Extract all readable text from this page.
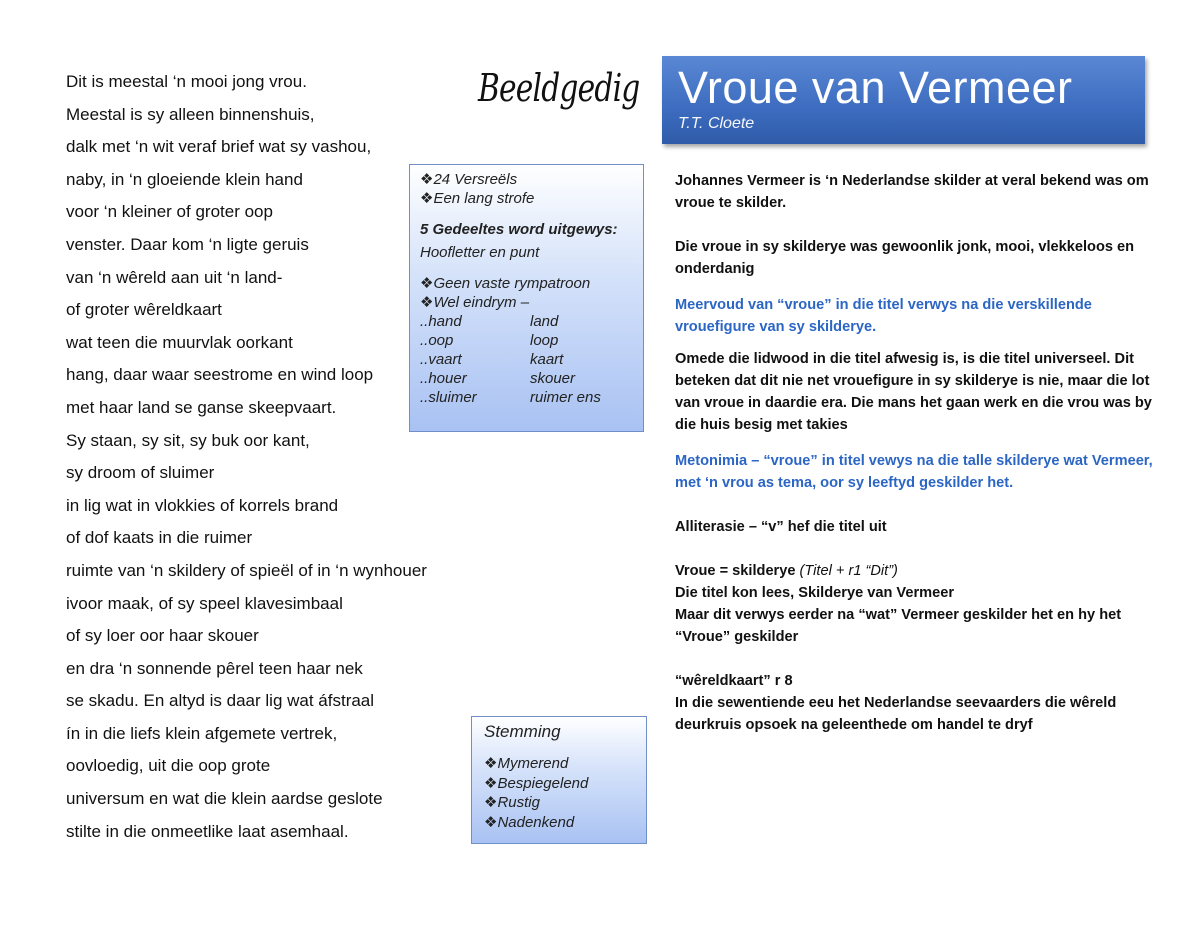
Dit is meestal ‘n mooi jong vrou.
Meestal is sy alleen binnenshuis,
dalk met ‘n wit veraf brief wat sy vashou,
naby, in ‘n gloeiende klein hand
voor ‘n kleiner of groter oop
venster. Daar kom ‘n ligte geruis
van ‘n wêreld aan uit ‘n land-
of groter wêreldkaart
wat teen die muurvlak oorkant
hang, daar waar seestrome en wind loop
met haar land se ganse skeepvaart.
Sy staan, sy sit, sy buk oor kant,
sy droom of sluimer
in lig wat in vlokkies of korrels brand
of dof kaats in die ruimer
ruimte van ‘n skildery of spieël of in ‘n wynhouer
ivoor maak, of sy speel klavesimbaal
of sy loer oor haar skouer
en dra ‘n sonnende pêrel teen haar nek
se skadu. En altyd is daar lig wat áfstraal
ín in die liefs klein afgemete vertrek,
oovloedig, uit die oop grote
universum en wat die klein aardse geslote
stilte in die onmeetlike laat asemhaal.
Beeldgedig
❖24 Versreëls
❖Een lang strofe
5 Gedeeltes word uitgewys:
Hoofletter en punt
❖Geen vaste rympatroon
❖Wel eindrym –
..hand	land
..oop	loop
..vaart	kaart
..houer	skouer
..sluimer	ruimer ens
Stemming
❖Mymerend
❖Bespiegelend
❖Rustig
❖Nadenkend
Vroue van Vermeer
T.T. Cloete

Johannes Vermeer is ‘n Nederlandse skilder at veral bekend was om vroue te skilder.

Die vroue in sy skilderye was gewoonlik jonk, mooi, vlekkeloos en onderdanig

Meervoud van “vroue” in die titel verwys na die verskillende vrouefigure van sy skilderye.

Omede die lidwood in die titel afwesig is, is die titel universeel. Dit beteken dat dit nie net vrouefigure in sy skilderye is nie, maar die lot van vroue in daardie era. Die mans het gaan werk en die vrou was by die huis besig met takies

Metonimia – “vroue” in titel vewys na die talle skilderye wat Vermeer, met ‘n vrou as tema, oor sy leeftyd geskilder het.

Alliterasie – “v” hef die titel uit

Vroue = skilderye (Titel + r1 “Dit”)

Die titel kon lees, Skilderye van Vermeer

Maar dit verwys eerder na “wat” Vermeer geskilder het en hy het “Vroue” geskilder

“wêreldkaart” r 8

In die sewentiende eeu het Nederlandse seevaarders die wêreld deurkruis opsoek na geleenthede om handel te dryf
